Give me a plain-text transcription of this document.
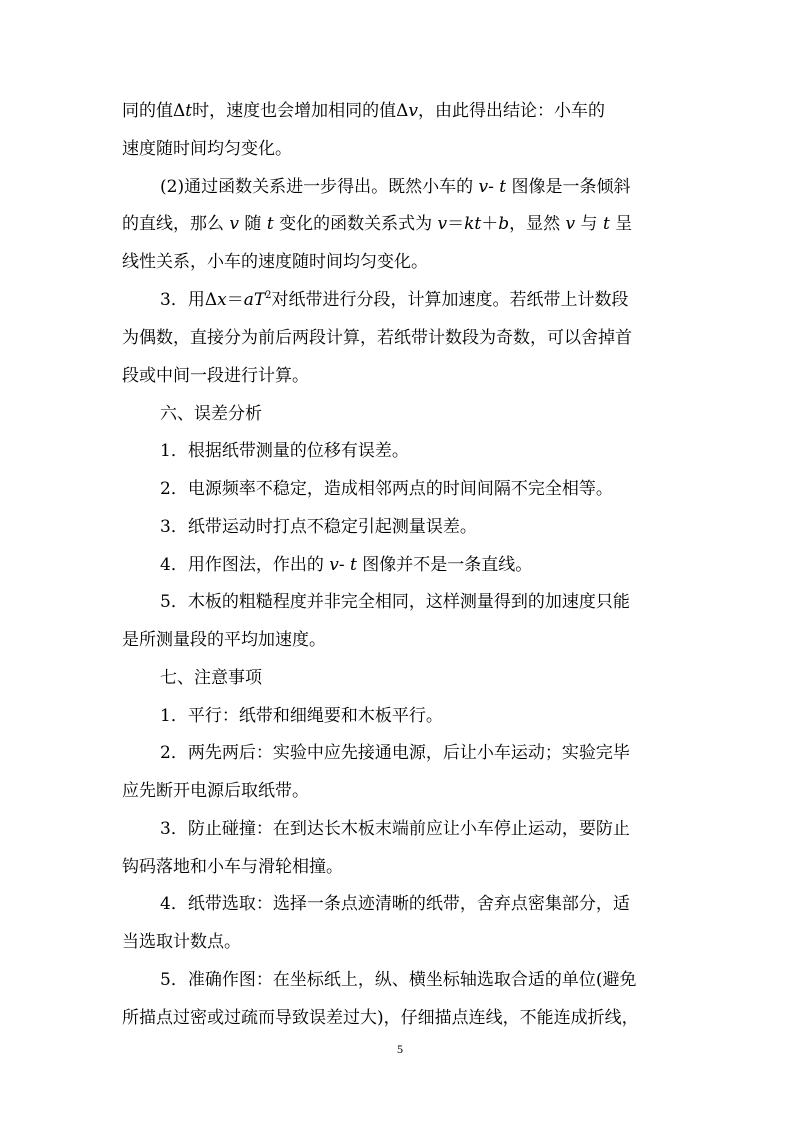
同的值Δt时，速度也会增加相同的值Δv，由此得出结论：小车的
速度随时间均匀变化。
(2)通过函数关系进一步得出。既然小车的 v- t 图像是一条倾斜
的直线，那么 v 随 t 变化的函数关系式为 v＝kt＋b，显然 v 与 t 呈
线性关系，小车的速度随时间均匀变化。
3．用$\Delta x=aT^2$对纸带进行分段，计算加速度。若纸带上计数段
为偶数，直接分为前后两段计算，若纸带计数段为奇数，可以舍掉首
段或中间一段进行计算。
六、误差分析
1．根据纸带测量的位移有误差。
2．电源频率不稳定，造成相邻两点的时间间隔不完全相等。
3．纸带运动时打点不稳定引起测量误差。
4．用作图法，作出的 v- t 图像并不是一条直线。
5．木板的粗糙程度并非完全相同，这样测量得到的加速度只能
是所测量段的平均加速度。
七、注意事项
1．平行：纸带和细绳要和木板平行。
2．两先两后：实验中应先接通电源，后让小车运动；实验完毕
应先断开电源后取纸带。
3．防止碰撞：在到达长木板末端前应让小车停止运动，要防止
钩码落地和小车与滑轮相撞。
4．纸带选取：选择一条点迹清晰的纸带，舍弃点密集部分，适
当选取计数点。
5．准确作图：在坐标纸上，纵、横坐标轴选取合适的单位(避免
所描点过密或过疏而导致误差过大)，仔细描点连线，不能连成折线，
5
